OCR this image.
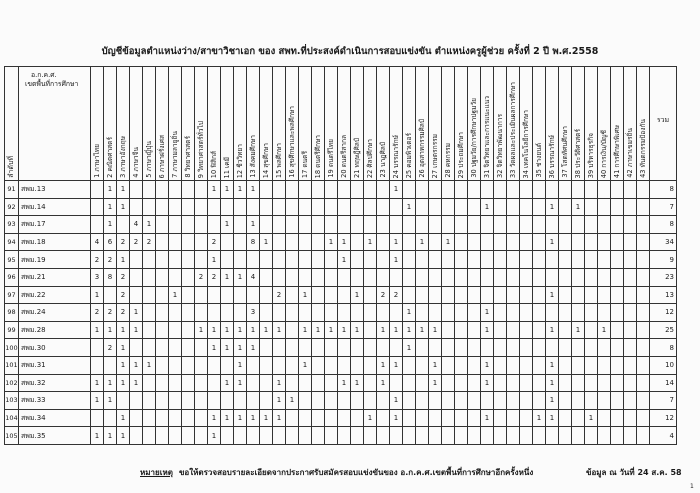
บัญชีข้อมูลตำแหน่งว่าง/สาขาวิชาเอก ของ สพท.ที่ประสงค์ดำเนินการสอบแข่งขัน ตำแหน่งครูผู้ช่วย ครั้งที่ 2 ปี พ.ศ.2558
ลำดับที่	อ.ก.ค.ศ.
เขตพื้นที่การศึกษา	1 ภาษาไทย	2 คณิตศาสตร์	3 ภาษาอังกฤษ	4 ภาษาจีน	5 ภาษาญี่ปุ่น	6 ภาษาฝรั่งเศส	7 ภาษามลายูถิ่น	8 วิทยาศาสตร์	9 วิทยาศาสตร์ทั่วไป	10 ฟิสิกส์	11 เคมี	12 ชีววิทยา	13 สังคมศึกษา	14 สุขศึกษา	15 พลศึกษา	16 สุขศึกษาและพลศึกษา	17 ดนตรี	18 ดนตรีศึกษา	19 ดนตรีไทย	20 ดนตรีสากล	21 ทฤษฎีศิลป์	22 ศิลปศึกษา	23 นาฏศิลป์	24 บรรณารักษ์	25 คอมพิวเตอร์	26 อุตสาหกรรมศิลป์	27 เกษตรกรรม	28 คหกรรม	29 ประถมศึกษา	30 ปฐมวัย/การศึกษาปฐมวัย	31 จิตวิทยาและการแนะแนว	32 จิตวิทยาพัฒนาการ	33 วัดผลและประเมินผลการศึกษา	34 เทคโนโลยีการศึกษา	35 ช่างยนต์	36 บรรณารักษ์	37 โสตทัศนศึกษา	38 ประวัติศาสตร์	39 บริหารธุรกิจ	40 การเงิน/บัญชี	41 การศึกษาพิเศษ	42 ภาษาเขมรถิ่น	43 ทันตกรรมป้องกัน	รวม

91	สพม.13		1	1							1	1	1	1											1																				8
92	สพม.14		1	1																						1						1					1		1						7
93	สพม.17		1		4	1						1		1																															8
94	สพม.18	4	6	2	2	2					2			8	1					1	1		1		1		1		1								1								34
95	สพม.19	2	2	1							1										1				1																				9
96	สพม.21	3	8	2						2	2	1	1	4																															23
97	สพม.22	1		2				1								2		1				1		2	2												1								13
98	สพม.24	2	2	2	1									3												1						1													12
99	สพม.28	1	1	1	1					1	1	1	1	1	1	1		1	1	1	1	1		1	1	1	1	1				1					1		1		1				25
100	สพม.30		2	1							1	1	1	1												1																			8
101	สพม.31			1	1	1							1					1						1	1			1				1					1								10
102	สพม.32	1	1	1	1							1	1			1					1	1		1				1				1					1								14
103	สพม.33	1	1													1	1								1												1								7
104	สพม.34			1							1	1	1	1	1	1							1		1							1				1	1			1					12
105	สพม.35	1	1	1							1																																		4
หมายเหตุ ขอให้ตรวจสอบรายละเอียดจากประกาศรับสมัครสอบแข่งขันของ อ.ก.ค.ศ.เขตพื้นที่การศึกษาอีกครั้งหนึ่ง	ข้อมูล ณ วันที่ 24 ส.ค. 58
1
